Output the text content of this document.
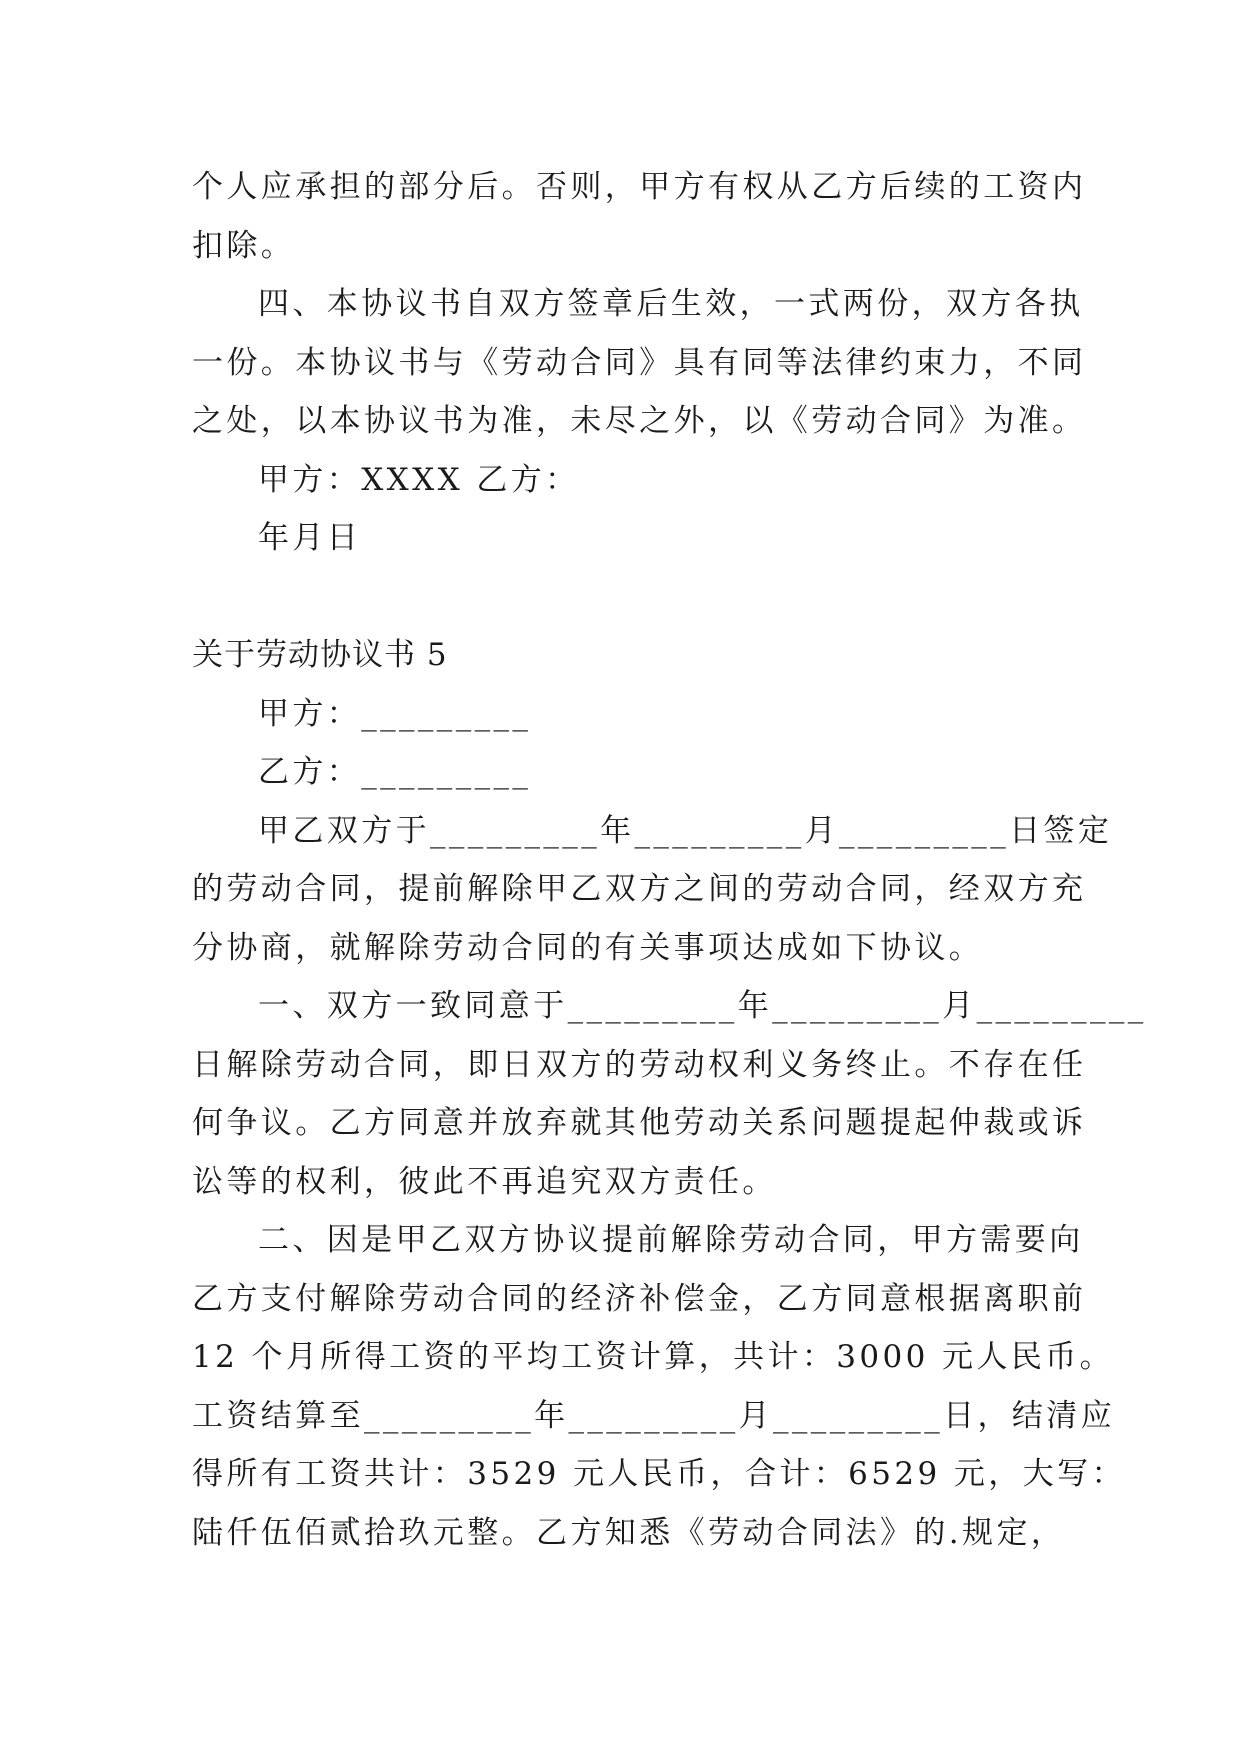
个人应承担的部分后。否则，甲方有权从乙方后续的工资内
扣除。
四、本协议书自双方签章后生效，一式两份，双方各执
一份。本协议书与《劳动合同》具有同等法律约束力，不同
之处，以本协议书为准，未尽之外，以《劳动合同》为准。
甲方：XXXX 乙方：
年月日
关于劳动协议书 5
甲方：_________
乙方：_________
甲乙双方于_________年_________月_________日签定
的劳动合同，提前解除甲乙双方之间的劳动合同，经双方充
分协商，就解除劳动合同的有关事项达成如下协议。
一、双方一致同意于_________年_________月_________
日解除劳动合同，即日双方的劳动权利义务终止。不存在任
何争议。乙方同意并放弃就其他劳动关系问题提起仲裁或诉
讼等的权利，彼此不再追究双方责任。
二、因是甲乙双方协议提前解除劳动合同，甲方需要向
乙方支付解除劳动合同的经济补偿金，乙方同意根据离职前
12 个月所得工资的平均工资计算，共计：3000 元人民币。
工资结算至_________年_________月_________日，结清应
得所有工资共计：3529 元人民币，合计：6529 元，大写：
陆仟伍佰贰拾玖元整。乙方知悉《劳动合同法》的.规定，
